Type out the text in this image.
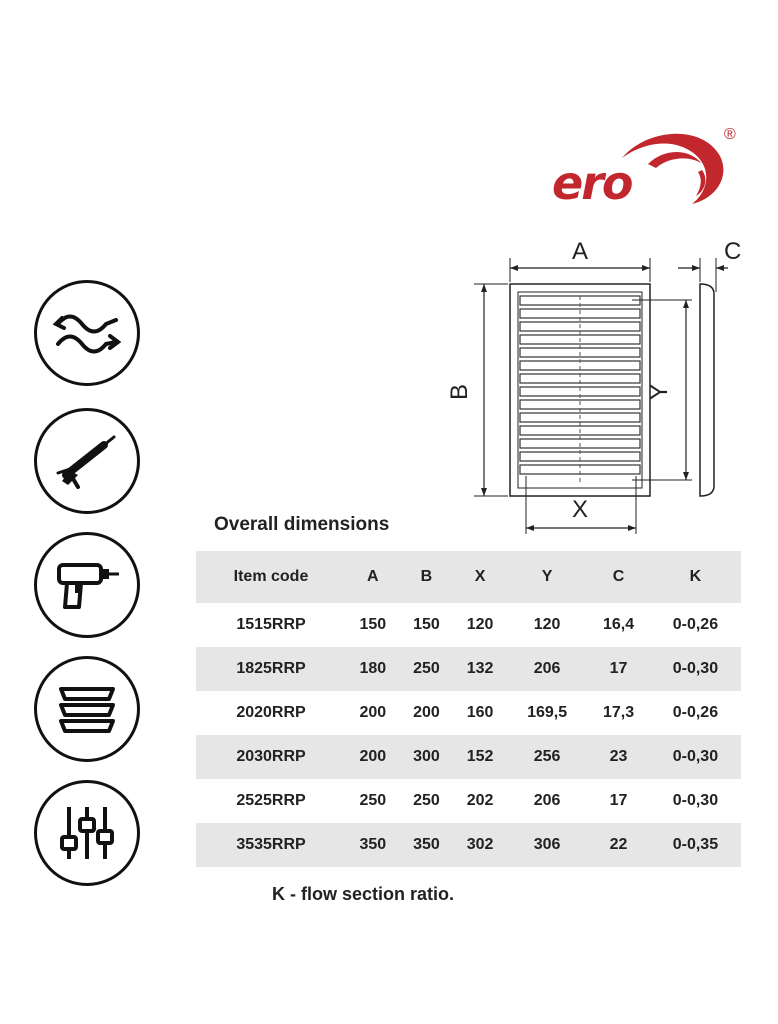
ero
®
A	C
B	Y
X
Overall dimensions
Item code	A	B	X	Y	C	K
1515RRP	150	150	120	120	16,4	0-0,26
1825RRP	180	250	132	206	17	0-0,30
2020RRP	200	200	160	169,5	17,3	0-0,26
2030RRP	200	300	152	256	23	0-0,30
2525RRP	250	250	202	206	17	0-0,30
3535RRP	350	350	302	306	22	0-0,35
K - flow section ratio.
